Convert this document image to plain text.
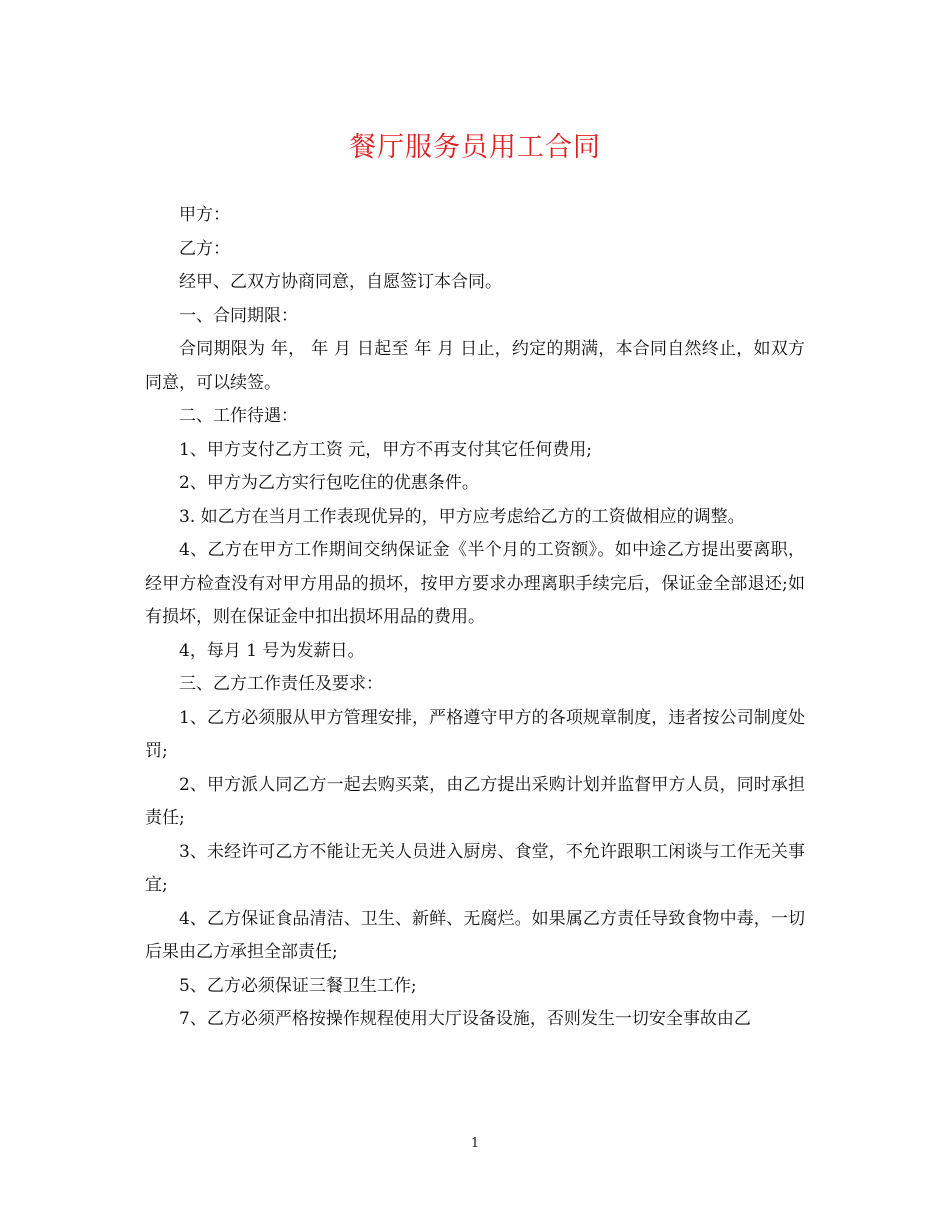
餐厅服务员用工合同

甲方：

乙方：

经甲、乙双方协商同意，自愿签订本合同。

一、合同期限：

合同期限为 年， 年 月 日起至 年 月 日止，约定的期满，本合同自然终止，如双方同意，可以续签。

二、工作待遇：

1、甲方支付乙方工资 元，甲方不再支付其它任何费用;

2、甲方为乙方实行包吃住的优惠条件。

3. 如乙方在当月工作表现优异的，甲方应考虑给乙方的工资做相应的调整。

4、乙方在甲方工作期间交纳保证金《半个月的工资额》。如中途乙方提出要离职，经甲方检查没有对甲方用品的损坏，按甲方要求办理离职手续完后，保证金全部退还;如有损坏，则在保证金中扣出损坏用品的费用。

4，每月 1 号为发薪日。

三、乙方工作责任及要求：

1、乙方必须服从甲方管理安排，严格遵守甲方的各项规章制度，违者按公司制度处罚;

2、甲方派人同乙方一起去购买菜，由乙方提出采购计划并监督甲方人员，同时承担责任;

3、未经许可乙方不能让无关人员进入厨房、食堂，不允许跟职工闲谈与工作无关事宜;

4、乙方保证食品清洁、卫生、新鲜、无腐烂。如果属乙方责任导致食物中毒，一切后果由乙方承担全部责任;

5、乙方必须保证三餐卫生工作;

7、乙方必须严格按操作规程使用大厅设备设施，否则发生一切安全事故由乙

1
